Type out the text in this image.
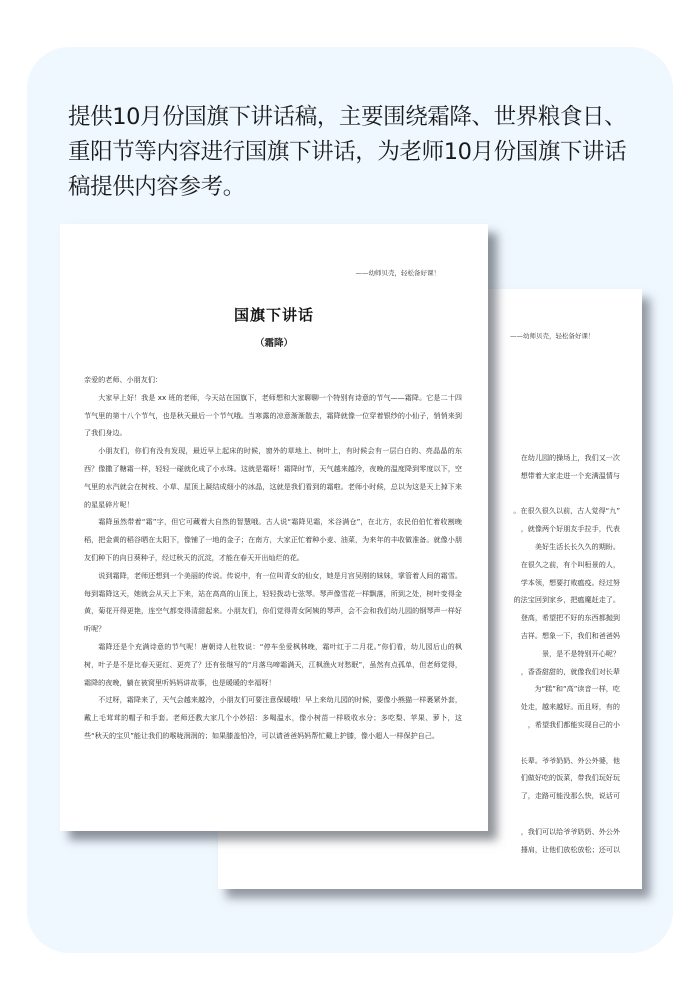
提供10月份国旗下讲话稿，主要围绕霜降、世界粮食日、重阳节等内容进行国旗下讲话，为老师10月份国旗下讲话稿提供内容参考。
——幼师贝壳，轻松备好课！
在幼儿园的操场上，我们又一次
想带着大家走进一个充满温情与
。在很久很久以前，古人觉得“九”
，就像两个好朋友手拉手，代表
美好生活长长久久的期盼。
在很久之前，有个叫桓景的人，
学本领，想要打败瘟疫。经过努
的法宝回到家乡，把瘟魔赶走了。
登高，希望把不好的东西都抛到
吉祥。想象一下，我们和爸爸妈
景，是不是特别开心呢？
，香香甜甜的，就像我们对长辈
为“糕”和“高”读音一样，吃
处走，越来越好。而且呀，有的
，希望我们都能实现自己的小
长辈。爷爷奶奶、外公外婆，他
们做好吃的饭菜，带我们玩好玩
了，走路可能没那么快，说话可
，我们可以给爷爷奶奶、外公外
捶肩，让他们放松放松；还可以
——幼师贝壳，轻松备好课！
国旗下讲话
（霜降）

亲爱的老师、小朋友们：

大家早上好！我是 xx 班的老师，今天站在国旗下，老师想和大家聊聊一个特别有诗意的节气——霜降。它是二十四节气里的第十八个节气，也是秋天最后一个节气哦。当寒露的凉意渐渐散去，霜降就像一位穿着银纱的小仙子，悄悄来到了我们身边。

小朋友们，你们有没有发现，最近早上起床的时候，窗外的草地上、树叶上，有时候会有一层白白的、亮晶晶的东西？像撒了糖霜一样，轻轻一碰就化成了小水珠。这就是霜呀！霜降时节，天气越来越冷，夜晚的温度降到零度以下，空气里的水汽就会在树枝、小草、屋顶上凝结成细小的冰晶，这就是我们看到的霜啦。老师小时候，总以为这是天上掉下来的星星碎片呢！

霜降虽然带着“霜”字，但它可藏着大自然的智慧哦。古人说“霜降见霜，米谷满仓”，在北方，农民伯伯忙着收割晚稻，把金黄的稻谷晒在太阳下，像铺了一地的金子；在南方，大家正忙着种小麦、油菜，为来年的丰收做准备。就像小朋友们种下的向日葵种子，经过秋天的沉淀，才能在春天开出灿烂的花。

说到霜降，老师还想到一个美丽的传说。传说中，有一位叫青女的仙女，她是月宫吴刚的妹妹，掌管着人间的霜雪。每到霜降这天，她就会从天上下来，站在高高的山顶上，轻轻拨动七弦琴。琴声像雪花一样飘落，所到之处，树叶变得金黄，菊花开得更艳，连空气都变得清甜起来。小朋友们，你们觉得青女阿姨的琴声，会不会和我们幼儿园的钢琴声一样好听呢？

霜降还是个充满诗意的节气呢！唐朝诗人杜牧说：“停车坐爱枫林晚，霜叶红于二月花。”你们看，幼儿园后山的枫树，叶子是不是比春天更红、更亮了？还有张继写的“月落乌啼霜满天，江枫渔火对愁眠”，虽然有点孤单，但老师觉得，霜降的夜晚，躺在被窝里听妈妈讲故事，也是暖暖的幸福呀！

不过呀，霜降来了，天气会越来越冷，小朋友们可要注意保暖哦！早上来幼儿园的时候，要像小熊猫一样裹紧外套，戴上毛茸茸的帽子和手套。老师还教大家几个小妙招：多喝温水，像小树苗一样吸收水分；多吃梨、苹果、萝卜，这些“秋天的宝贝”能让我们的喉咙润润的；如果膝盖怕冷，可以请爸爸妈妈帮忙戴上护膝，像小超人一样保护自己。
